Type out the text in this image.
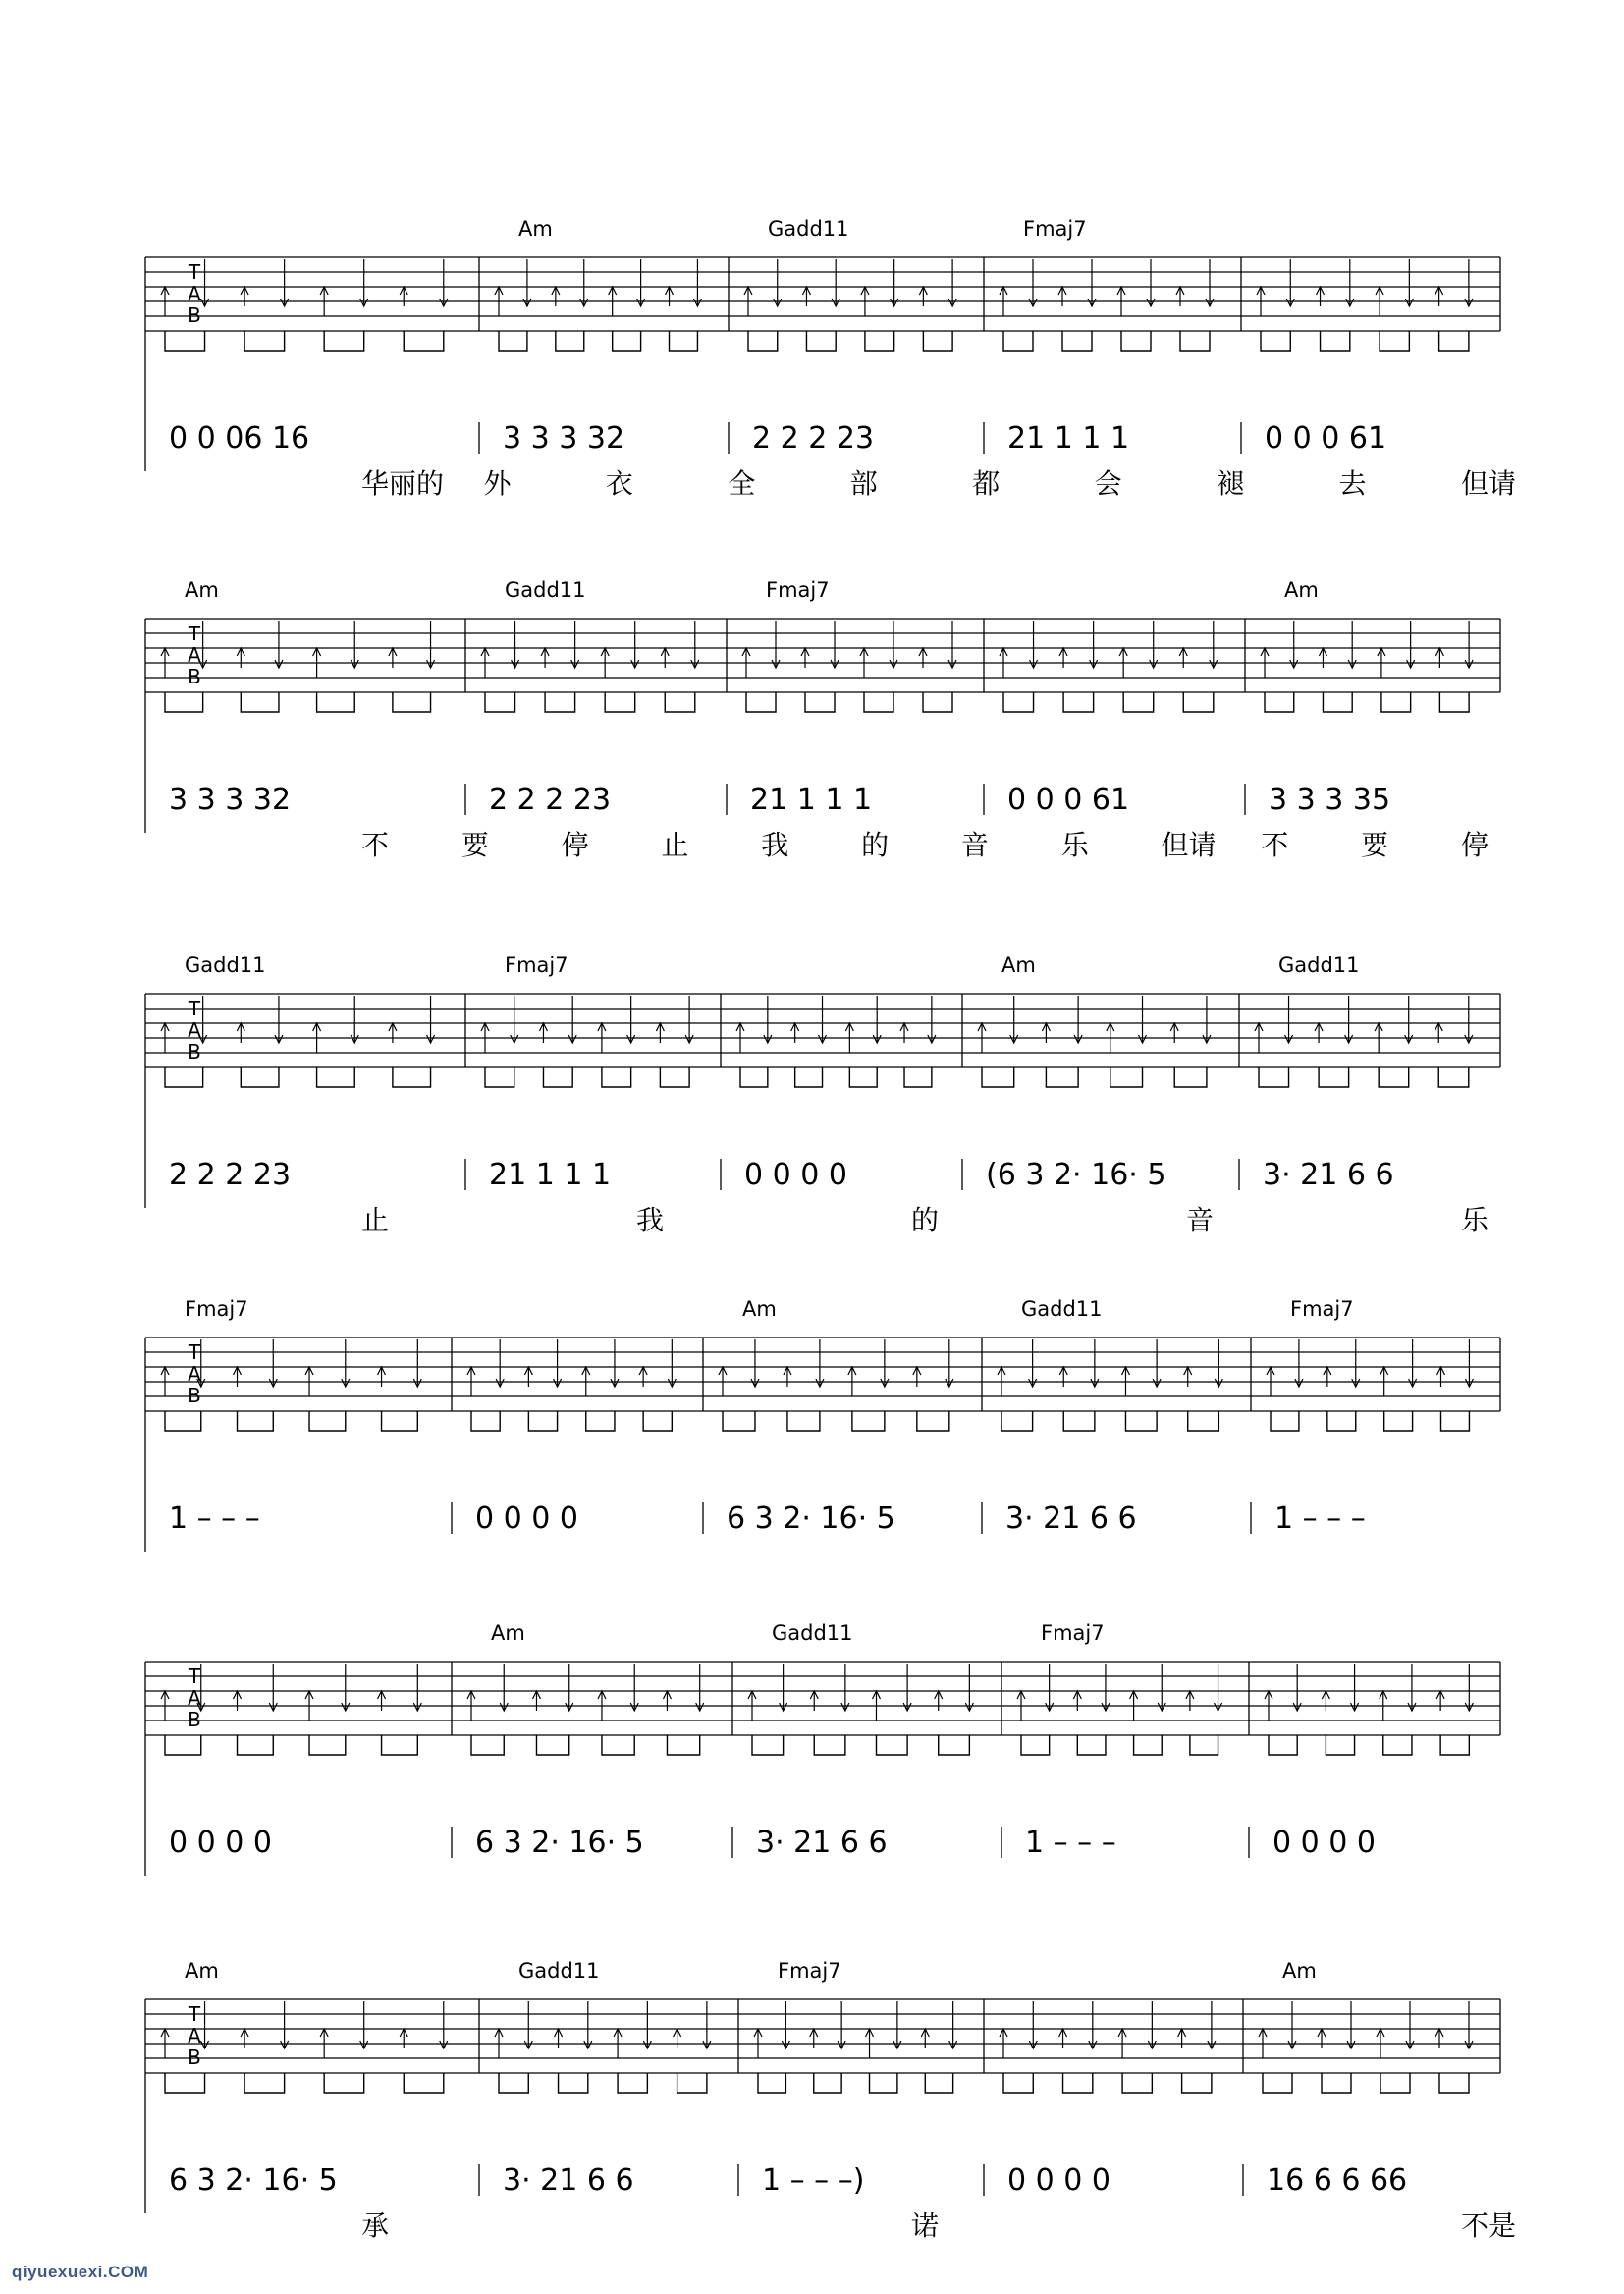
T
A
B
Am	Gadd11	Fmaj7
0 0 06 16	3 3 3 32	2 2 2 23	21 1 1 1	0 0 0 61
华丽的 外	衣	全	部	都	会	褪	去	但请
T
A
B
Am	Gadd11	Fmaj7	Am
3 3 3 32	2 2 2 23	21 1 1 1	0 0 0 61	3 3 3 35
不	要	停	止	我	的	音	乐	但请 不	要	停
T
A
B
Gadd11	Fmaj7	Am	Gadd11
2 2 2 23	21 1 1 1	0 0 0 0	(6 3 2· 16· 5	3· 21 6 6
止	我	的	音	乐
T
A
B
Fmaj7	Am	Gadd11	Fmaj7
1 – – –	0 0 0 0	6 3 2· 16· 5	3· 21 6 6	1 – – –
T
A
B
Am	Gadd11	Fmaj7
0 0 0 0	6 3 2· 16· 5	3· 21 6 6	1 – – –	0 0 0 0
T
A
B
Am	Gadd11	Fmaj7	Am
6 3 2· 16· 5	3· 21 6 6	1 – – –)	0 0 0 0	16 6 6 66
承	诺	不是
qiyuexuexi.COM
